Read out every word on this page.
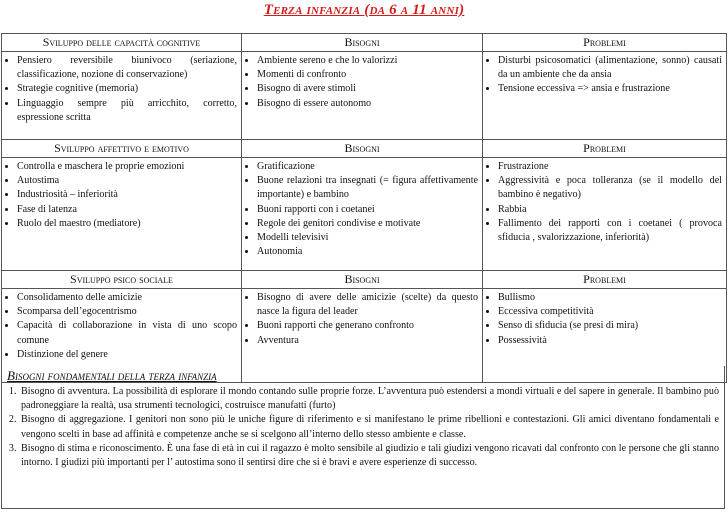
Terza infanzia (da 6 a 11 anni)
Sviluppo delle capacità cognitive
• Pensiero reversibile biunivoco (seriazione, classificazione, nozione di conservazione)
• Strategie cognitive (memoria)
• Linguaggio sempre più arricchito, corretto, espressione scritta
Bisogni
• Ambiente sereno e che lo valorizzi
• Momenti di confronto
• Bisogno di avere stimoli
• Bisogno di essere autonomo
Problemi
• Disturbi psicosomatici (alimentazione, sonno) causati da un ambiente che da ansia
• Tensione eccessiva => ansia e frustrazione
Sviluppo affettivo e emotivo
• Controlla e maschera le proprie emozioni
• Autostima
• Industriosità – inferiorità
• Fase di latenza
• Ruolo del maestro (mediatore)
Bisogni
• Gratificazione
• Buone relazioni tra insegnati (= figura affettivamente importante) e bambino
• Buoni rapporti con i coetanei
• Regole dei genitori condivise e motivate
• Modelli televisivi
• Autonomia
Problemi
• Frustrazione
• Aggressività e poca tolleranza (se il modello del bambino è negativo)
• Rabbia
• Fallimento dei rapporti con i coetanei ( provoca sfiducia , svalorizzazione, inferiorità)
Sviluppo psico sociale
• Consolidamento delle amicizie
• Scomparsa dell’egocentrismo
• Capacità di collaborazione in vista di uno scopo comune
• Distinzione del genere
Bisogni
• Bisogno di avere delle amicizie (scelte) da questo nasce la figura del leader
• Buoni rapporti che generano confronto
• Avventura
Problemi
• Bullismo
• Eccessiva competitività
• Senso di sfiducia (se presi di mira)
• Possessività
Bisogni fondamentali della terza infanzia
1. Bisogno di avventura. La possibilità di esplorare il mondo contando sulle proprie forze. L’avventura può estendersi a mondi virtuali e del sapere in generale. Il bambino può padroneggiare la realtà, usa strumenti tecnologici, costruisce manufatti (furto)
2. Bisogno di aggregazione. I genitori non sono più le uniche figure di riferimento e si manifestano le prime ribellioni e contestazioni. Gli amici diventano fondamentali e vengono scelti in base ad affinità e competenze anche se si scelgono all’interno dello stesso ambiente e classe.
3. Bisogno di stima e riconoscimento. È una fase di età in cui il ragazzo è molto sensibile al giudizio e tali giudizi vengono ricavati dal confronto con le persone che gli stanno intorno. I giudizi più importanti per l’ autostima sono il sentirsi dire che si è bravi e avere esperienze di successo.
